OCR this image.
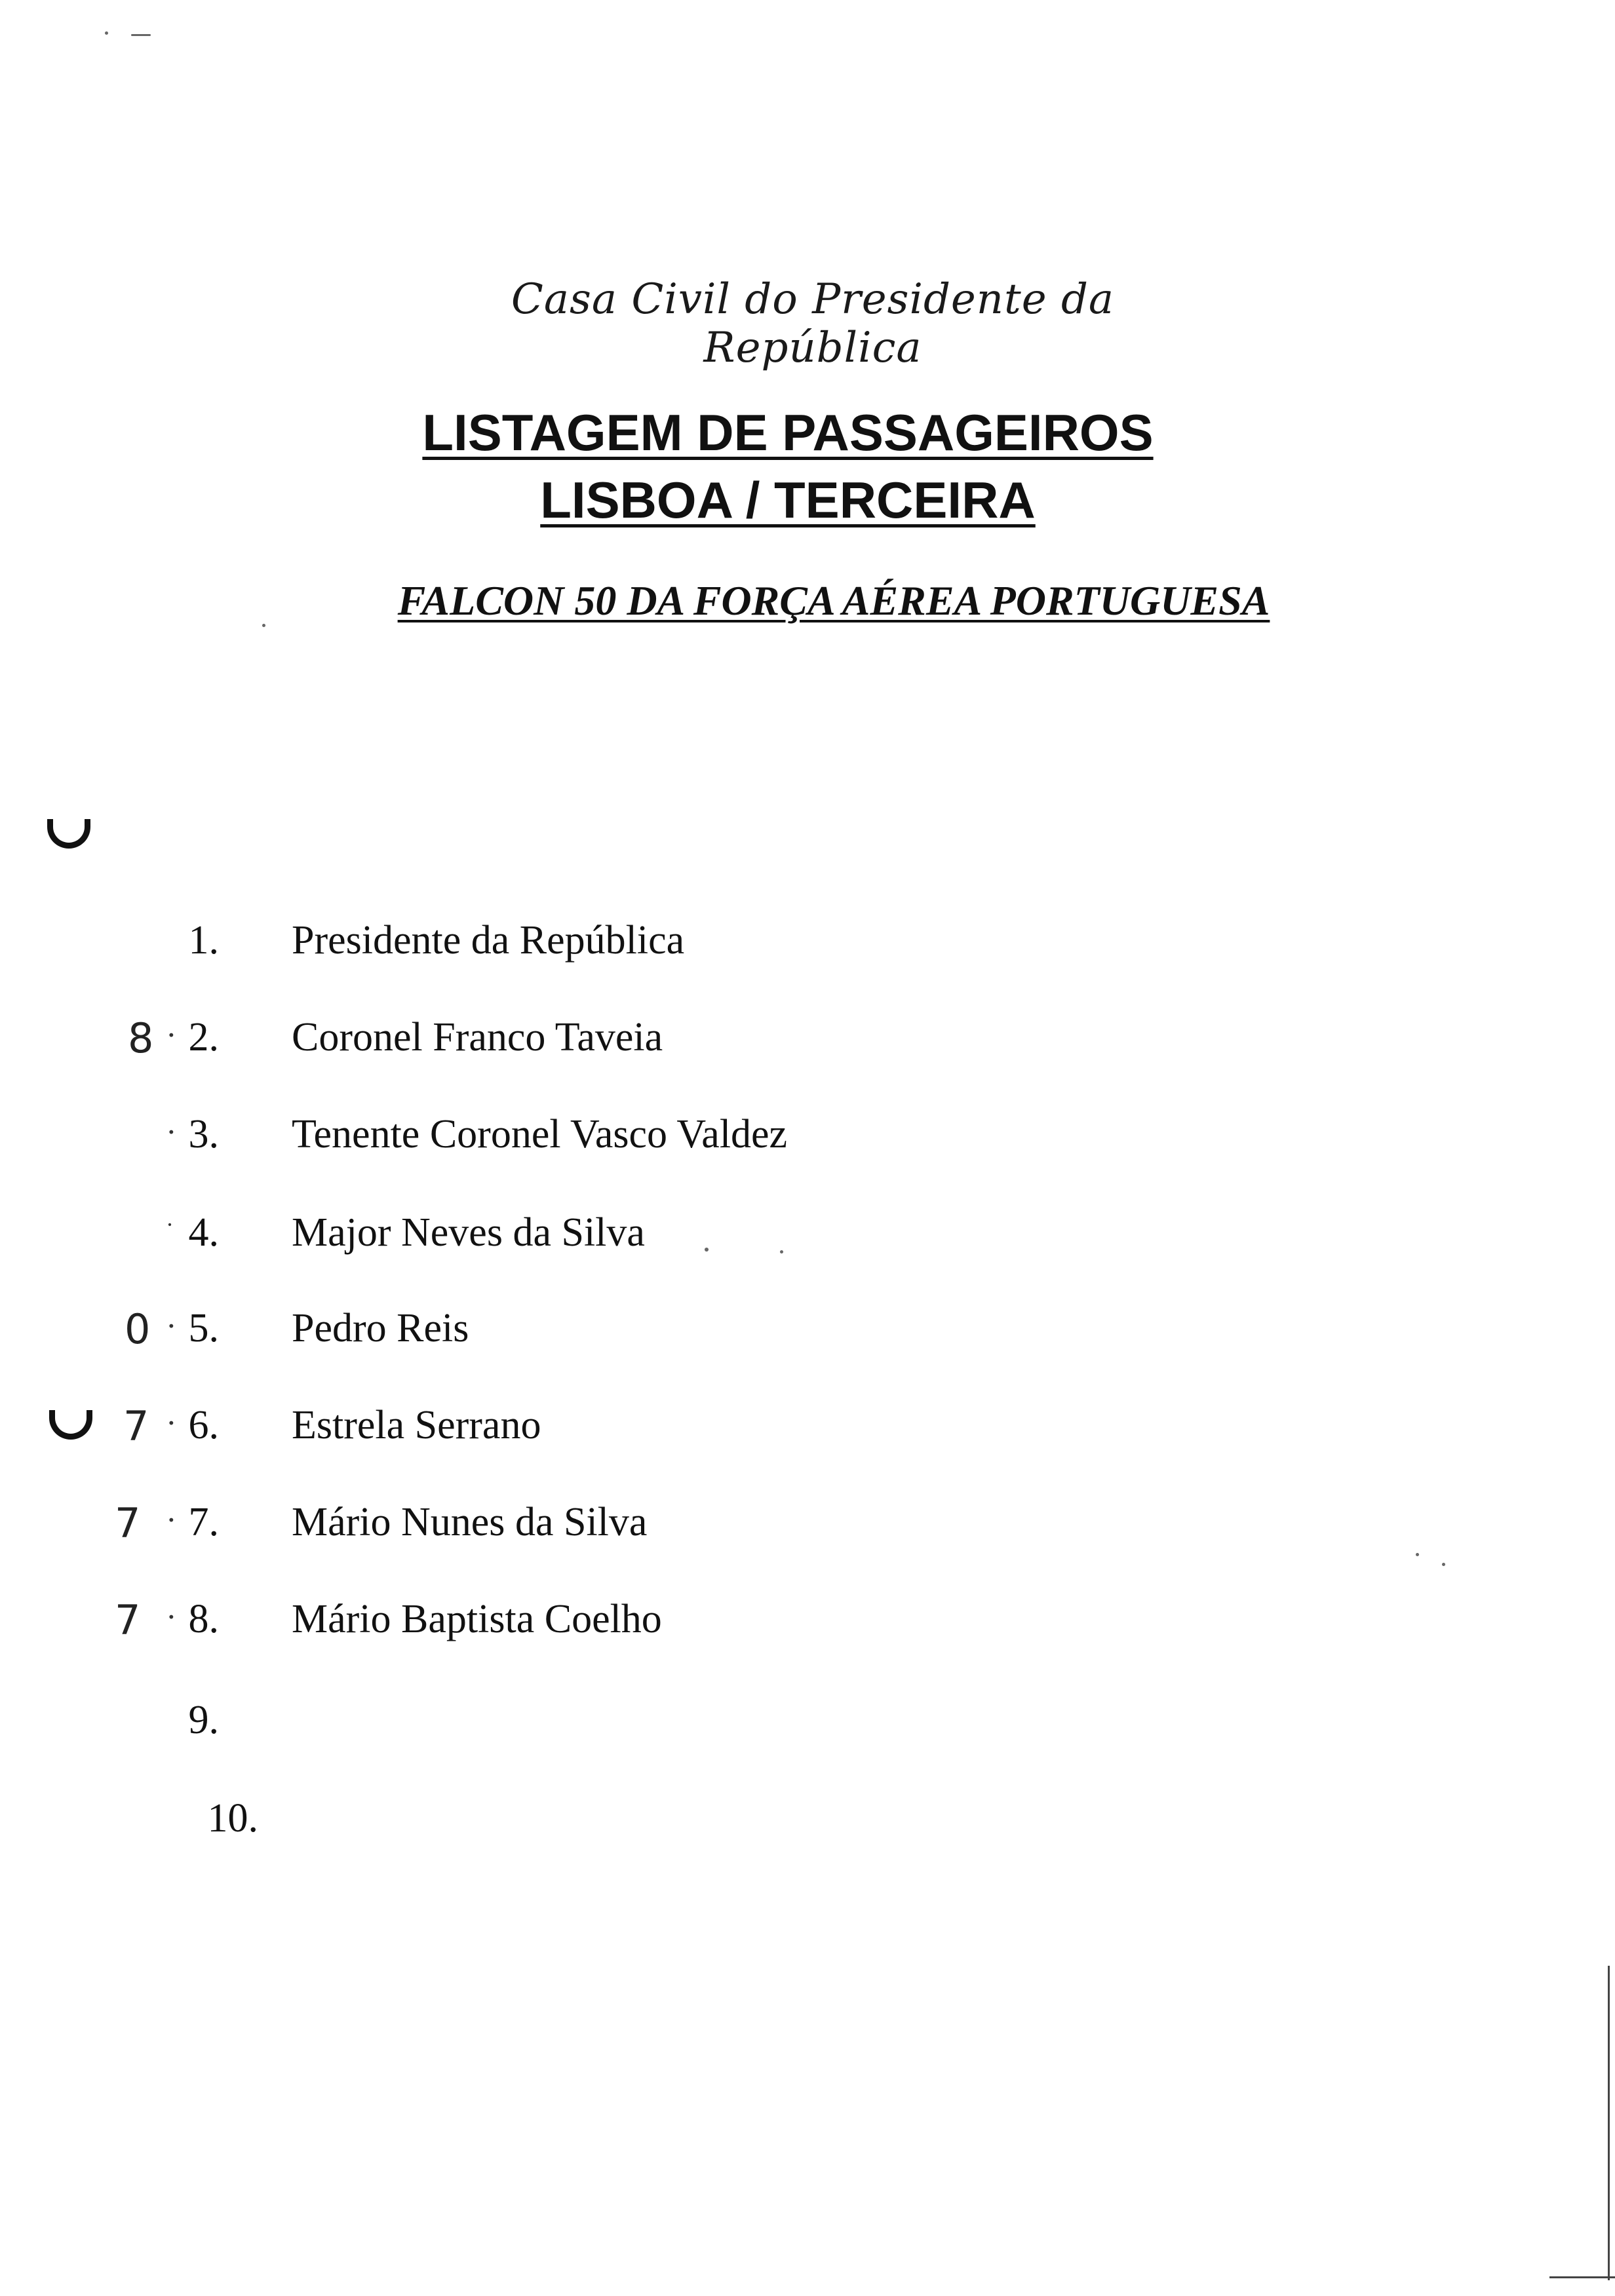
Casa Civil do Presidente da República
LISTAGEM DE PASSAGEIROS
LISBOA / TERCEIRA
FALCON 50 DA FORÇA AÉREA PORTUGUESA
1. Presidente da República
8 · 2. Coronel Franco Taveia
· 3. Tenente Coronel Vasco Valdez
· 4. Major Neves da Silva
0 · 5. Pedro Reis
7 · 6. Estrela Serrano
7 · 7. Mário Nunes da Silva
7 · 8. Mário Baptista Coelho
9.
10.
